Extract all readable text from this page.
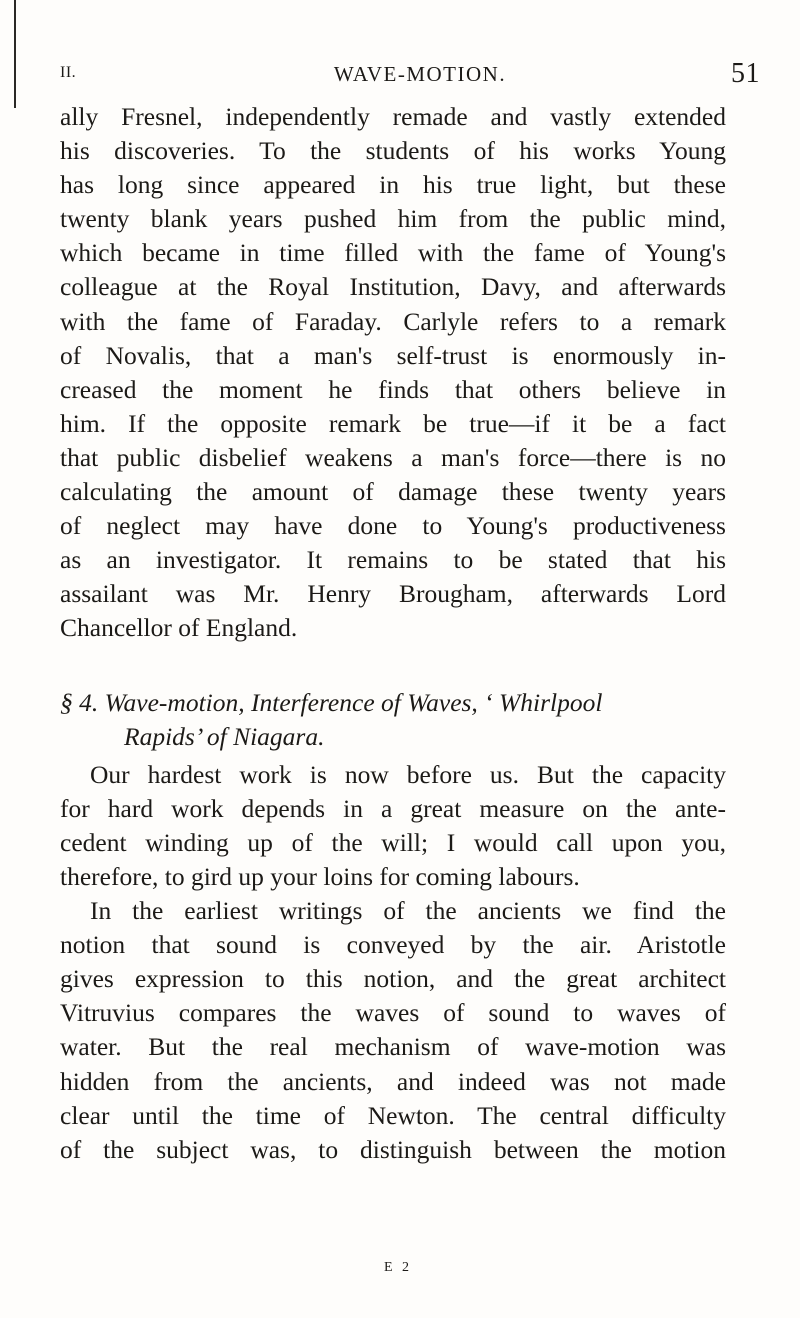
II.	WAVE-MOTION.	51
ally Fresnel, independently remade and vastly extended
his discoveries. To the students of his works Young
has long since appeared in his true light, but these
twenty blank years pushed him from the public mind,
which became in time filled with the fame of Young's
colleague at the Royal Institution, Davy, and afterwards
with the fame of Faraday. Carlyle refers to a remark
of Novalis, that a man's self-trust is enormously in-
creased the moment he finds that others believe in
him. If the opposite remark be true—if it be a fact
that public disbelief weakens a man's force—there is no
calculating the amount of damage these twenty years
of neglect may have done to Young's productiveness
as an investigator. It remains to be stated that his
assailant was Mr. Henry Brougham, afterwards Lord
Chancellor of England.
§ 4. Wave-motion, Interference of Waves, ‘ Whirlpool
Rapids’ of Niagara.
Our hardest work is now before us. But the capacity
for hard work depends in a great measure on the ante-
cedent winding up of the will; I would call upon you,
therefore, to gird up your loins for coming labours.
In the earliest writings of the ancients we find the
notion that sound is conveyed by the air. Aristotle
gives expression to this notion, and the great architect
Vitruvius compares the waves of sound to waves of
water. But the real mechanism of wave-motion was
hidden from the ancients, and indeed was not made
clear until the time of Newton. The central difficulty
of the subject was, to distinguish between the motion
E 2
